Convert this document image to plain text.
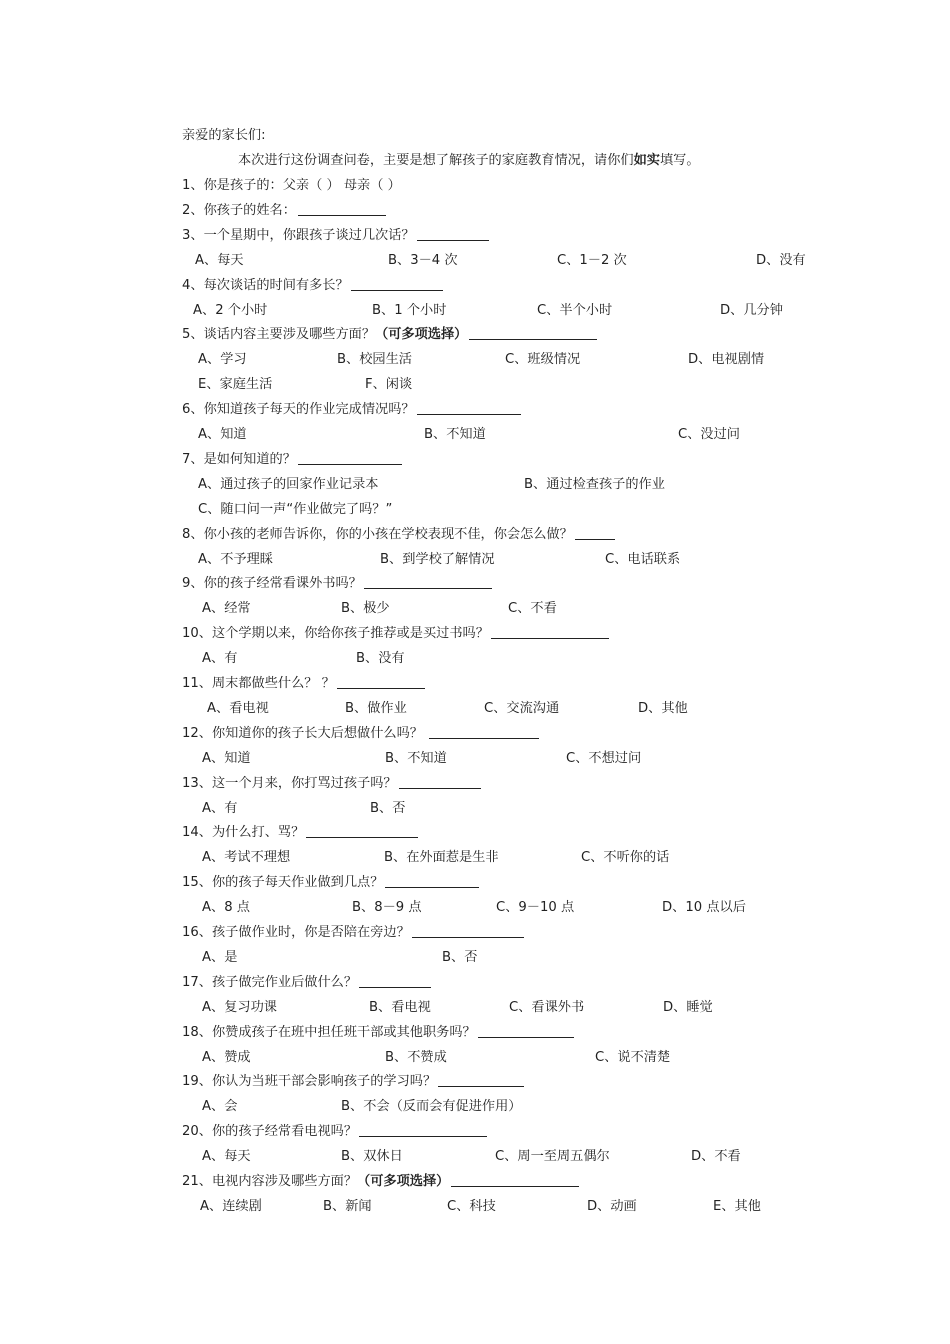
亲爱的家长们:
本次进行这份调查问卷，主要是想了解孩子的家庭教育情况，请你们如实填写。
1、你是孩子的：父亲（ ） 母亲（ ）
2、你孩子的姓名：
3、一个星期中，你跟孩子谈过几次话？
A、每天	B、3－4 次	C、1－2 次	D、没有
4、每次谈话的时间有多长？
A、2 个小时	B、1 个小时	C、半个小时	D、几分钟
5、谈话内容主要涉及哪些方面？（可多项选择）
A、学习	B、校园生活	C、班级情况	D、电视剧情
E、家庭生活	F、闲谈
6、你知道孩子每天的作业完成情况吗？
A、知道	B、不知道	C、没过问
7、是如何知道的？
A、通过孩子的回家作业记录本	B、通过检查孩子的作业
C、随口问一声“作业做完了吗？”
8、你小孩的老师告诉你，你的小孩在学校表现不佳，你会怎么做？
A、不予理睬	B、到学校了解情况	C、电话联系
9、你的孩子经常看课外书吗？
A、经常	B、极少	C、不看
10、这个学期以来，你给你孩子推荐或是买过书吗？
A、有	B、没有
11、周末都做些什么？ ？
A、看电视	B、做作业	C、交流沟通	D、其他
12、你知道你的孩子长大后想做什么吗？
A、知道	B、不知道	C、不想过问
13、这一个月来，你打骂过孩子吗？
A、有	B、否
14、为什么打、骂？
A、考试不理想	B、在外面惹是生非	C、不听你的话
15、你的孩子每天作业做到几点？
A、8 点	B、8－9 点	C、9－10 点	D、10 点以后
16、孩子做作业时，你是否陪在旁边？
A、是	B、否
17、孩子做完作业后做什么？
A、复习功课	B、看电视	C、看课外书	D、睡觉
18、你赞成孩子在班中担任班干部或其他职务吗？
A、赞成	B、不赞成	C、说不清楚
19、你认为当班干部会影响孩子的学习吗？
A、会	B、不会（反而会有促进作用）
20、你的孩子经常看电视吗？
A、每天	B、双休日	C、周一至周五偶尔	D、不看
21、电视内容涉及哪些方面？（可多项选择）
A、连续剧	B、新闻	C、科技	D、动画	E、其他
